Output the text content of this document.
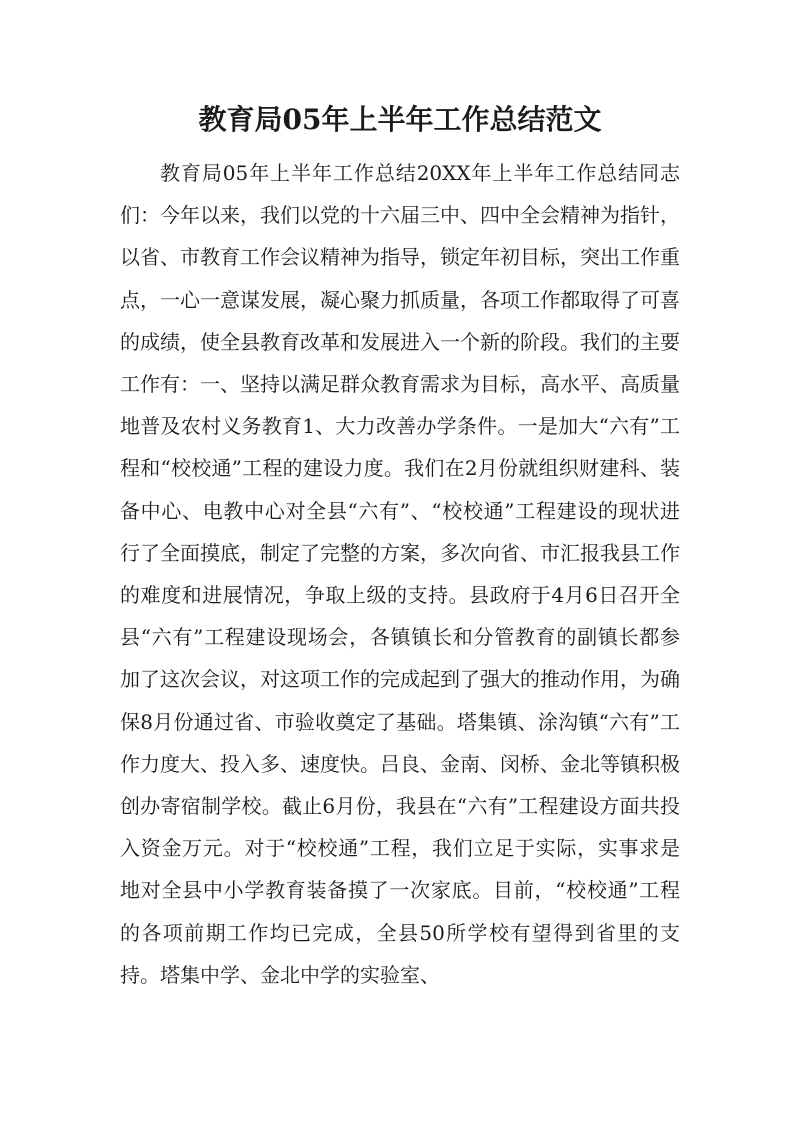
教育局05年上半年工作总结范文

教育局05年上半年工作总结20XX年上半年工作总结同志们：今年以来，我们以党的十六届三中、四中全会精神为指针，以省、市教育工作会议精神为指导，锁定年初目标，突出工作重点，一心一意谋发展，凝心聚力抓质量，各项工作都取得了可喜的成绩，使全县教育改革和发展进入一个新的阶段。我们的主要工作有：一、坚持以满足群众教育需求为目标，高水平、高质量地普及农村义务教育1、大力改善办学条件。一是加大“六有”工程和“校校通”工程的建设力度。我们在2月份就组织财建科、装备中心、电教中心对全县“六有”、“校校通”工程建设的现状进行了全面摸底，制定了完整的方案，多次向省、市汇报我县工作的难度和进展情况，争取上级的支持。县政府于4月6日召开全县“六有”工程建设现场会，各镇镇长和分管教育的副镇长都参加了这次会议，对这项工作的完成起到了强大的推动作用，为确保8月份通过省、市验收奠定了基础。塔集镇、涂沟镇“六有”工作力度大、投入多、速度快。吕良、金南、闵桥、金北等镇积极创办寄宿制学校。截止6月份，我县在“六有”工程建设方面共投入资金万元。对于“校校通”工程，我们立足于实际，实事求是地对全县中小学教育装备摸了一次家底。目前，“校校通”工程的各项前期工作均已完成，全县50所学校有望得到省里的支持。塔集中学、金北中学的实验室、
